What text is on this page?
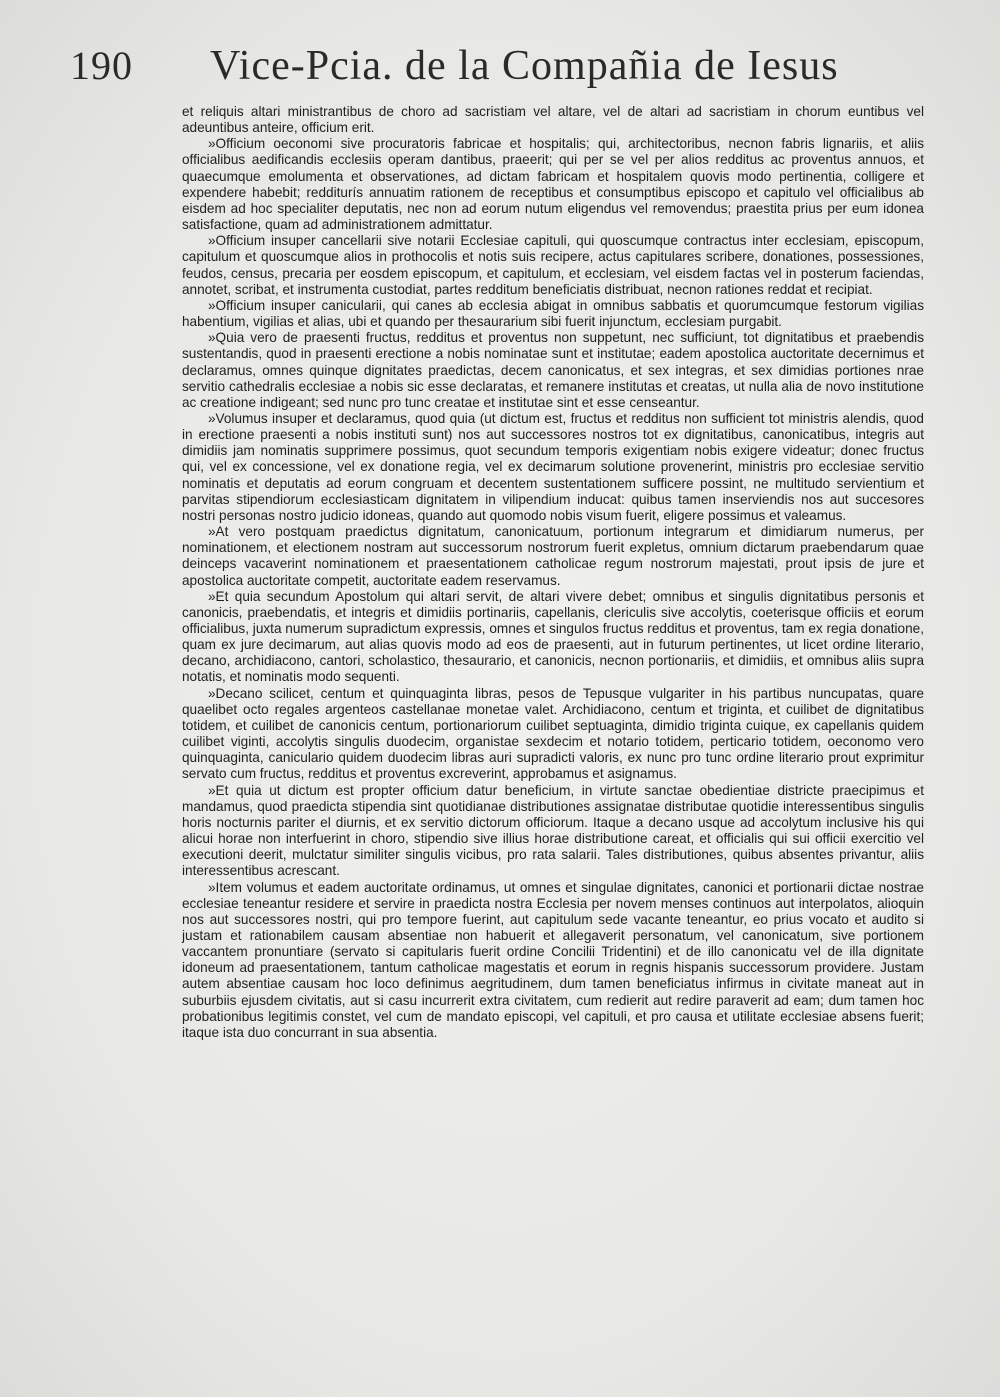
190 Vice-Pcia. de la Compañia de Iesus

et reliquis altari ministrantibus de choro ad sacristiam vel altare, vel de altari ad sacristiam in chorum euntibus vel adeuntibus anteire, officium erit.

»Officium oeconomi sive procuratoris fabricae et hospitalis; qui, architectoribus, necnon fabris lignariis, et aliis officialibus aedificandis ecclesiis operam dantibus, praeerit; qui per se vel per alios redditus ac proventus annuos, et quaecumque emolumenta et observationes, ad dictam fabricam et hospitalem quovis modo pertinentia, colligere et expendere habebit; redditurís annuatim rationem de receptibus et consumptibus episcopo et capitulo vel officialibus ab eisdem ad hoc specialiter deputatis, nec non ad eorum nutum eligendus vel removendus; praestita prius per eum idonea satisfactione, quam ad administrationem admittatur.

»Officium insuper cancellarii sive notarii Ecclesiae capituli, qui quoscumque contractus inter ecclesiam, episcopum, capitulum et quoscumque alios in prothocolis et notis suis recipere, actus capitulares scribere, donationes, possessiones, feudos, census, precaria per eosdem episcopum, et capitulum, et ecclesiam, vel eisdem factas vel in posterum faciendas, annotet, scribat, et instrumenta custodiat, partes redditum beneficiatis distribuat, necnon rationes reddat et recipiat.

»Officium insuper canicularii, qui canes ab ecclesia abigat in omnibus sabbatis et quorumcumque festorum vigilias habentium, vigilias et alias, ubi et quando per thesaurarium sibi fuerit injunctum, ecclesiam purgabit.

»Quia vero de praesenti fructus, redditus et proventus non suppetunt, nec sufficiunt, tot dignitatibus et praebendis sustentandis, quod in praesenti erectione a nobis nominatae sunt et institutae; eadem apostolica auctoritate decernimus et declaramus, omnes quinque dignitates praedictas, decem canonicatus, et sex integras, et sex dimidias portiones nrae servitio cathedralis ecclesiae a nobis sic esse declaratas, et remanere institutas et creatas, ut nulla alia de novo institutione ac creatione indigeant; sed nunc pro tunc creatae et institutae sint et esse censeantur.

»Volumus insuper et declaramus, quod quia (ut dictum est, fructus et redditus non sufficient tot ministris alendis, quod in erectione praesenti a nobis instituti sunt) nos aut successores nostros tot ex dignitatibus, canonicatibus, integris aut dimidiis jam nominatis supprimere possimus, quot secundum temporis exigentiam nobis exigere videatur; donec fructus qui, vel ex concessione, vel ex donatione regia, vel ex decimarum solutione provenerint, ministris pro ecclesiae servitio nominatis et deputatis ad eorum congruam et decentem sustentationem sufficere possint, ne multitudo servientium et parvitas stipendiorum ecclesiasticam dignitatem in vilipendium inducat: quibus tamen inserviendis nos aut succesores nostri personas nostro judicio idoneas, quando aut quomodo nobis visum fuerit, eligere possimus et valeamus.

»At vero postquam praedictus dignitatum, canonicatuum, portionum integrarum et dimidiarum numerus, per nominationem, et electionem nostram aut successorum nostrorum fuerit expletus, omnium dictarum praebendarum quae deinceps vacaverint nominationem et praesentationem catholicae regum nostrorum majestati, prout ipsis de jure et apostolica auctoritate competit, auctoritate eadem reservamus.

»Et quia secundum Apostolum qui altari servit, de altari vivere debet; omnibus et singulis dignitatibus personis et canonicis, praebendatis, et integris et dimidiis portinariis, capellanis, clericulis sive accolytis, coeterisque officiis et eorum officialibus, juxta numerum supradictum expressis, omnes et singulos fructus redditus et proventus, tam ex regia donatione, quam ex jure decimarum, aut alias quovis modo ad eos de praesenti, aut in futurum pertinentes, ut licet ordine literario, decano, archidiacono, cantori, scholastico, thesaurario, et canonicis, necnon portionariis, et dimidiis, et omnibus aliis supra notatis, et nominatis modo sequenti.

»Decano scilicet, centum et quinquaginta libras, pesos de Tepusque vulgariter in his partibus nuncupatas, quare quaelibet octo regales argenteos castellanae monetae valet. Archidiacono, centum et triginta, et cuilibet de dignitatibus totidem, et cuilibet de canonicis centum, portionariorum cuilibet septuaginta, dimidio triginta cuique, ex capellanis quidem cuilibet viginti, accolytis singulis duodecim, organistae sexdecim et notario totidem, perticario totidem, oeconomo vero quinquaginta, caniculario quidem duodecim libras auri supradicti valoris, ex nunc pro tunc ordine literario prout exprimitur servato cum fructus, redditus et proventus excreverint, approbamus et asignamus.

»Et quia ut dictum est propter officium datur beneficium, in virtute sanctae obedientiae districte praecipimus et mandamus, quod praedicta stipendia sint quotidianae distributiones assignatae distributae quotidie interessentibus singulis horis nocturnis pariter el diurnis, et ex servitio dictorum officiorum. Itaque a decano usque ad accolytum inclusive his qui alicui horae non interfuerint in choro, stipendio sive illius horae distributione careat, et officialis qui sui officii exercitio vel executioni deerit, mulctatur similiter singulis vicibus, pro rata salarii. Tales distributiones, quibus absentes privantur, aliis interessentibus acrescant.

»Item volumus et eadem auctoritate ordinamus, ut omnes et singulae dignitates, canonici et portionarii dictae nostrae ecclesiae teneantur residere et servire in praedicta nostra Ecclesia per novem menses continuos aut interpolatos, alioquin nos aut successores nostri, qui pro tempore fuerint, aut capitulum sede vacante teneantur, eo prius vocato et audito si justam et rationabilem causam absentiae non habuerit et allegaverit personatum, vel canonicatum, sive portionem vaccantem pronuntiare (servato si capitularis fuerit ordine Concilii Tridentini) et de illo canonicatu vel de illa dignitate idoneum ad praesentationem, tantum catholicae magestatis et eorum in regnis hispanis successorum providere. Justam autem absentiae causam hoc loco definimus aegritudinem, dum tamen beneficiatus infirmus in civitate maneat aut in suburbiis ejusdem civitatis, aut si casu incurrerit extra civitatem, cum redierit aut redire paraverit ad eam; dum tamen hoc probationibus legitimis constet, vel cum de mandato episcopi, vel capituli, et pro causa et utilitate ecclesiae absens fuerit; itaque ista duo concurrant in sua absentia.
